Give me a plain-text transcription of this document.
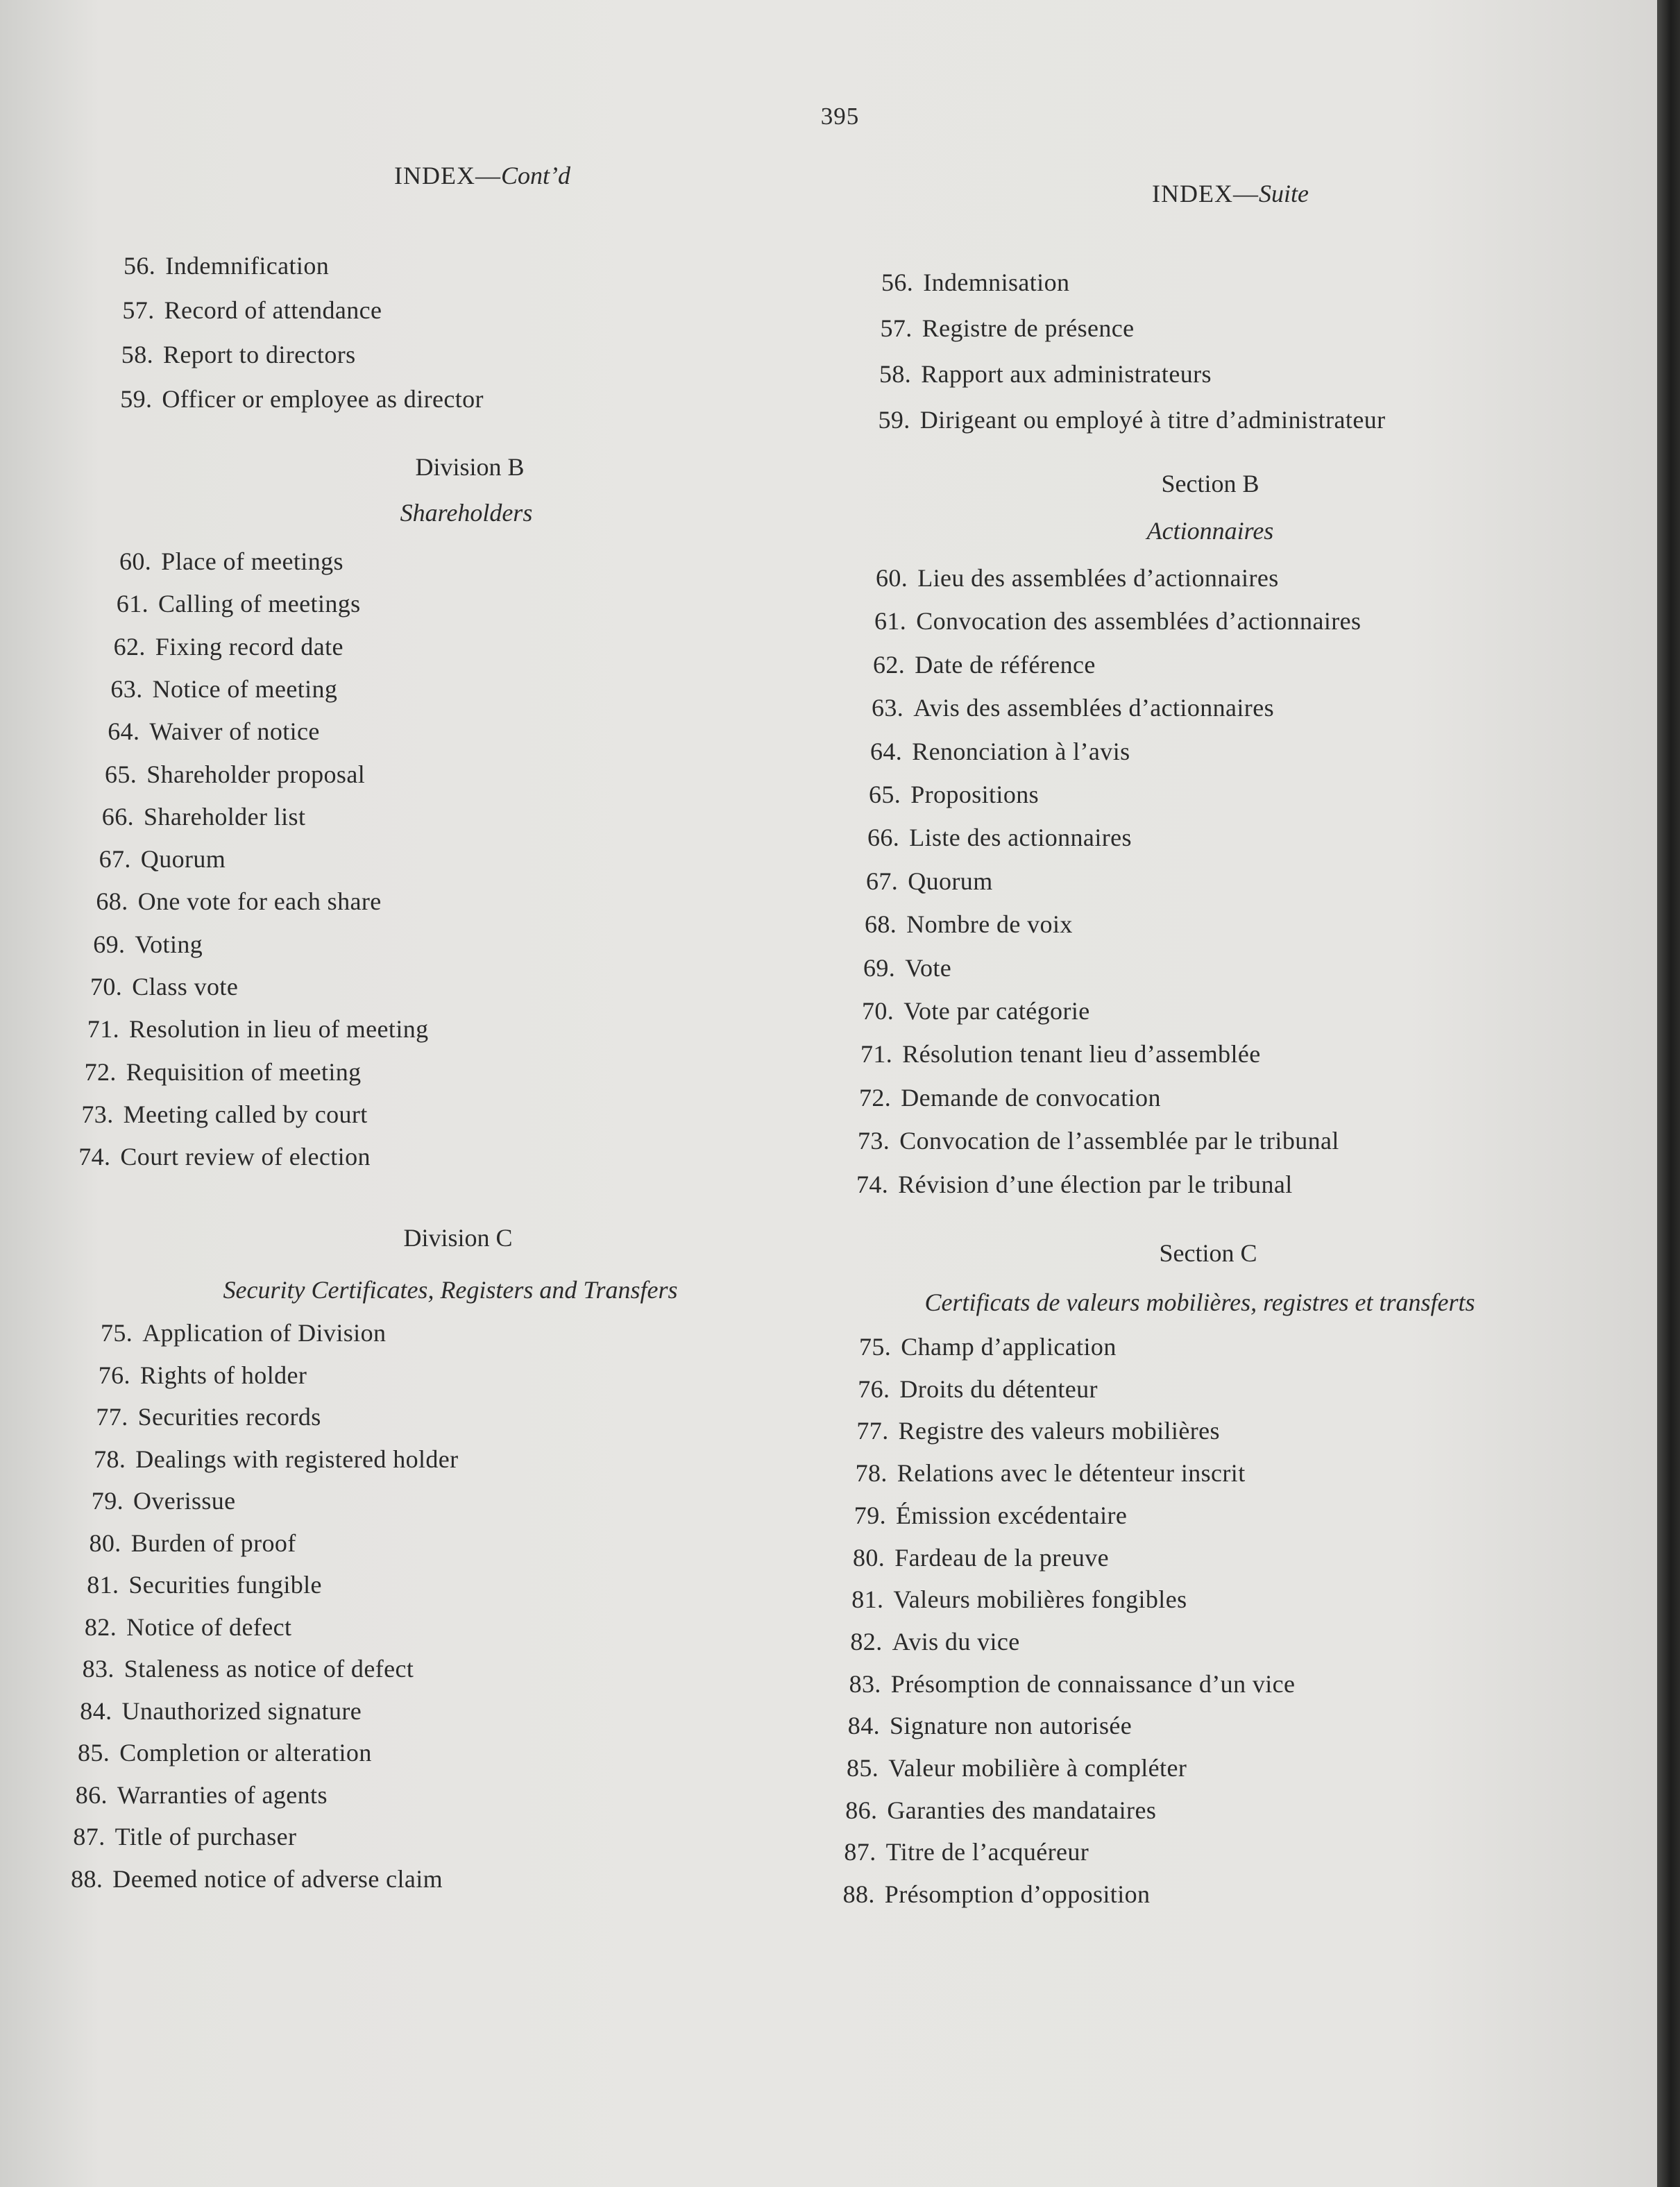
395
INDEX—Cont’d
56. Indemnification
57. Record of attendance
58. Report to directors
59. Officer or employee as director
Division B
Shareholders
60. Place of meetings
61. Calling of meetings
62. Fixing record date
63. Notice of meeting
64. Waiver of notice
65. Shareholder proposal
66. Shareholder list
67. Quorum
68. One vote for each share
69. Voting
70. Class vote
71. Resolution in lieu of meeting
72. Requisition of meeting
73. Meeting called by court
74. Court review of election
Division C
Security Certificates, Registers and Transfers
75. Application of Division
76. Rights of holder
77. Securities records
78. Dealings with registered holder
79. Overissue
80. Burden of proof
81. Securities fungible
82. Notice of defect
83. Staleness as notice of defect
84. Unauthorized signature
85. Completion or alteration
86. Warranties of agents
87. Title of purchaser
88. Deemed notice of adverse claim
INDEX—Suite
56. Indemnisation
57. Registre de présence
58. Rapport aux administrateurs
59. Dirigeant ou employé à titre d’administrateur
Section B
Actionnaires
60. Lieu des assemblées d’actionnaires
61. Convocation des assemblées d’actionnaires
62. Date de référence
63. Avis des assemblées d’actionnaires
64. Renonciation à l’avis
65. Propositions
66. Liste des actionnaires
67. Quorum
68. Nombre de voix
69. Vote
70. Vote par catégorie
71. Résolution tenant lieu d’assemblée
72. Demande de convocation
73. Convocation de l’assemblée par le tribunal
74. Révision d’une élection par le tribunal
Section C
Certificats de valeurs mobilières, registres et transferts
75. Champ d’application
76. Droits du détenteur
77. Registre des valeurs mobilières
78. Relations avec le détenteur inscrit
79. Émission excédentaire
80. Fardeau de la preuve
81. Valeurs mobilières fongibles
82. Avis du vice
83. Présomption de connaissance d’un vice
84. Signature non autorisée
85. Valeur mobilière à compléter
86. Garanties des mandataires
87. Titre de l’acquéreur
88. Présomption d’opposition
